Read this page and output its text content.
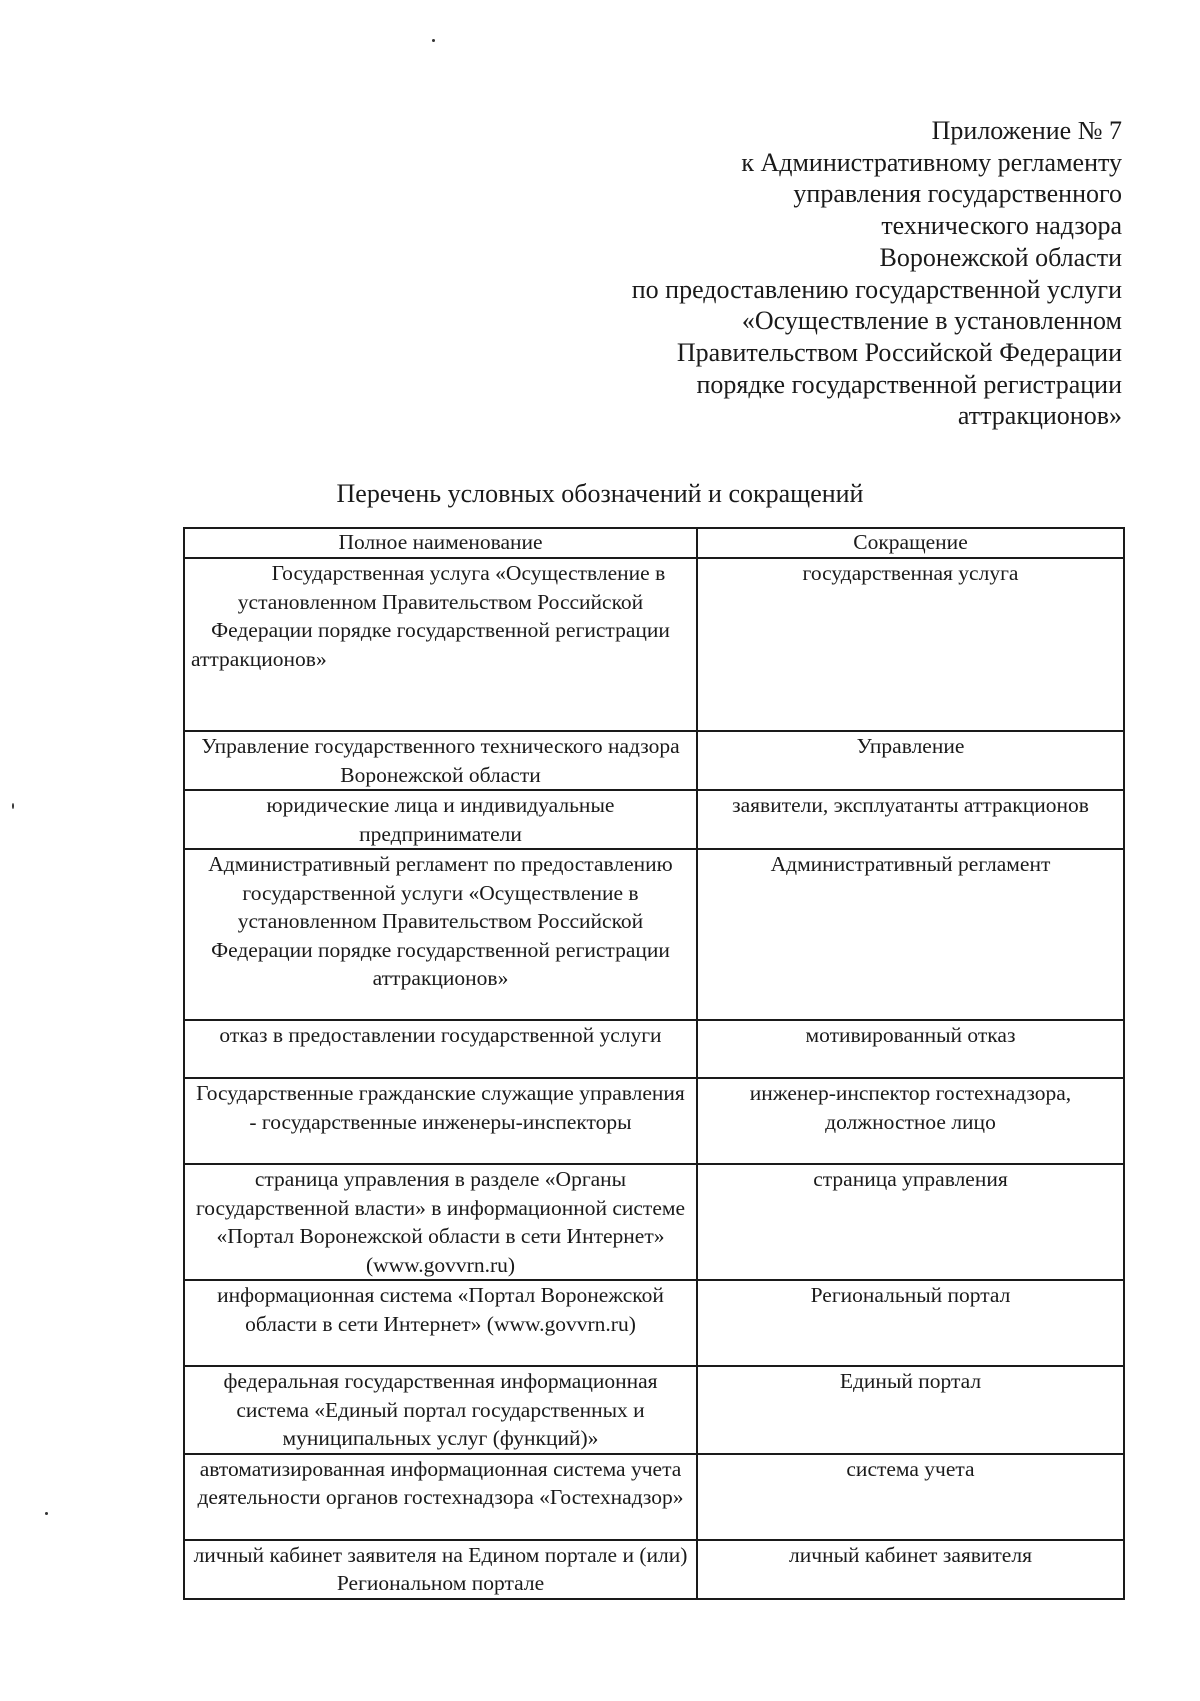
Приложение № 7
к Административному регламенту
управления государственного
технического надзора
Воронежской области
по предоставлению государственной услуги
«Осуществление в установленном
Правительством Российской Федерации
порядке государственной регистрации
аттракционов»
Перечень условных обозначений и сокращений
Полное наименование	Сокращение
Государственная услуга «Осуществление в установленном Правительством Российской Федерации порядке государственной регистрации аттракционов»	государственная услуга
Управление государственного технического надзора Воронежской области	Управление
юридические лица и индивидуальные предприниматели	заявители, эксплуатанты аттракционов
Административный регламент по предоставлению государственной услуги «Осуществление в установленном Правительством Российской Федерации порядке государственной регистрации аттракционов»	Административный регламент
отказ в предоставлении государственной услуги	мотивированный отказ
Государственные гражданские служащие управления - государственные инженеры-инспекторы	инженер-инспектор гостехнадзора, должностное лицо
страница управления в разделе «Органы государственной власти» в информационной системе «Портал Воронежской области в сети Интернет» (www.govvrn.ru)	страница управления
информационная система «Портал Воронежской области в сети Интернет» (www.govvrn.ru)	Региональный портал
федеральная государственная информационная система «Единый портал государственных и муниципальных услуг (функций)»	Единый портал
автоматизированная информационная система учета деятельности органов гостехнадзора «Гостехнадзор»	система учета
личный кабинет заявителя на Едином портале и (или) Региональном портале	личный кабинет заявителя
